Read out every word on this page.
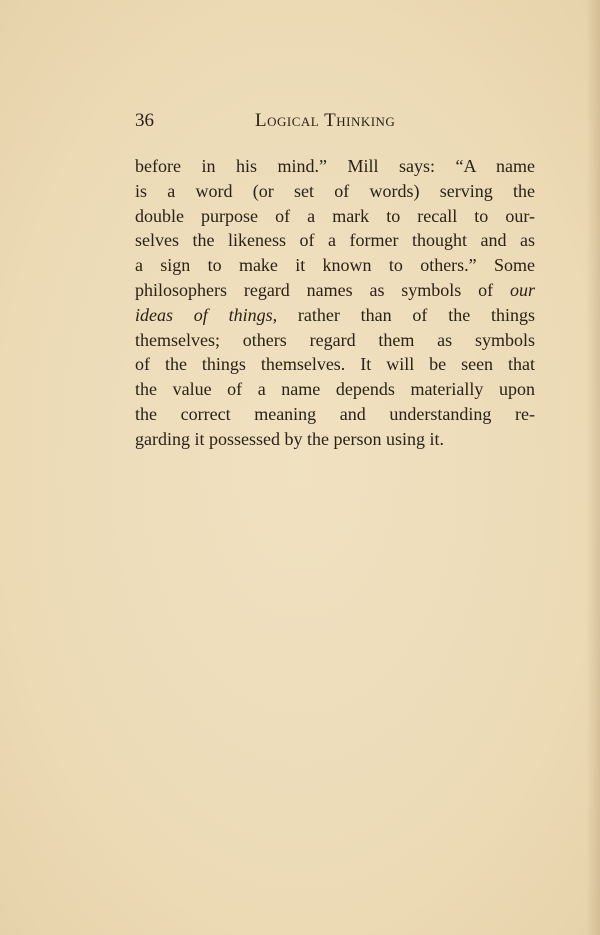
36	Logical Thinking
before in his mind.” Mill says: “A name
is a word (or set of words) serving the
double purpose of a mark to recall to our-
selves the likeness of a former thought and as
a sign to make it known to others.” Some
philosophers regard names as symbols of our
ideas of things, rather than of the things
themselves; others regard them as symbols
of the things themselves. It will be seen that
the value of a name depends materially upon
the correct meaning and understanding re-
garding it possessed by the person using it.
